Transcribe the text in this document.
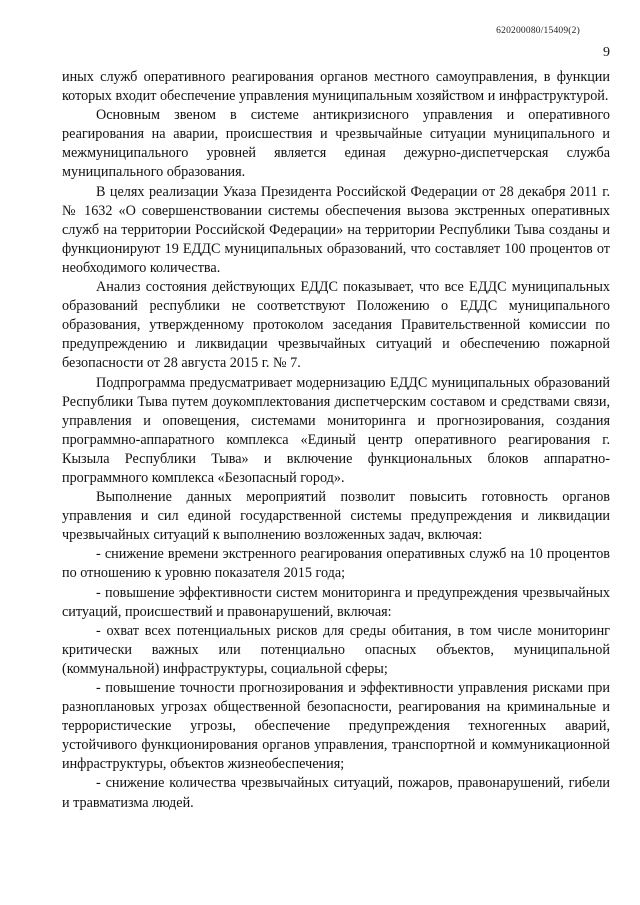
620200080/15409(2)
9

иных служб оперативного реагирования органов местного самоуправления, в функции которых входит обеспечение управления муниципальным хозяйством и инфраструктурой.

Основным звеном в системе антикризисного управления и оперативного реагирования на аварии, происшествия и чрезвычайные ситуации муниципального и межмуниципального уровней является единая дежурно-диспетчерская служба муниципального образования.

В целях реализации Указа Президента Российской Федерации от 28 декабря 2011 г. № 1632 «О совершенствовании системы обеспечения вызова экстренных оперативных служб на территории Российской Федерации» на территории Республики Тыва созданы и функционируют 19 ЕДДС муниципальных образований, что составляет 100 процентов от необходимого количества.

Анализ состояния действующих ЕДДС показывает, что все ЕДДС муниципальных образований республики не соответствуют Положению о ЕДДС муниципального образования, утвержденному протоколом заседания Правительственной комиссии по предупреждению и ликвидации чрезвычайных ситуаций и обеспечению пожарной безопасности от 28 августа 2015 г. № 7.

Подпрограмма предусматривает модернизацию ЕДДС муниципальных образований Республики Тыва путем доукомплектования диспетчерским составом и средствами связи, управления и оповещения, системами мониторинга и прогнозирования, создания программно-аппаратного комплекса «Единый центр оперативного реагирования г. Кызыла Республики Тыва» и включение функциональных блоков аппаратно-программного комплекса «Безопасный город».

Выполнение данных мероприятий позволит повысить готовность органов управления и сил единой государственной системы предупреждения и ликвидации чрезвычайных ситуаций к выполнению возложенных задач, включая:

- снижение времени экстренного реагирования оперативных служб на 10 процентов по отношению к уровню показателя 2015 года;

- повышение эффективности систем мониторинга и предупреждения чрезвычайных ситуаций, происшествий и правонарушений, включая:

- охват всех потенциальных рисков для среды обитания, в том числе мониторинг критически важных или потенциально опасных объектов, муниципальной (коммунальной) инфраструктуры, социальной сферы;

- повышение точности прогнозирования и эффективности управления рисками при разноплановых угрозах общественной безопасности, реагирования на криминальные и террористические угрозы, обеспечение предупреждения техногенных аварий, устойчивого функционирования органов управления, транспортной и коммуникационной инфраструктуры, объектов жизнеобеспечения;

- снижение количества чрезвычайных ситуаций, пожаров, правонарушений, гибели и травматизма людей.
